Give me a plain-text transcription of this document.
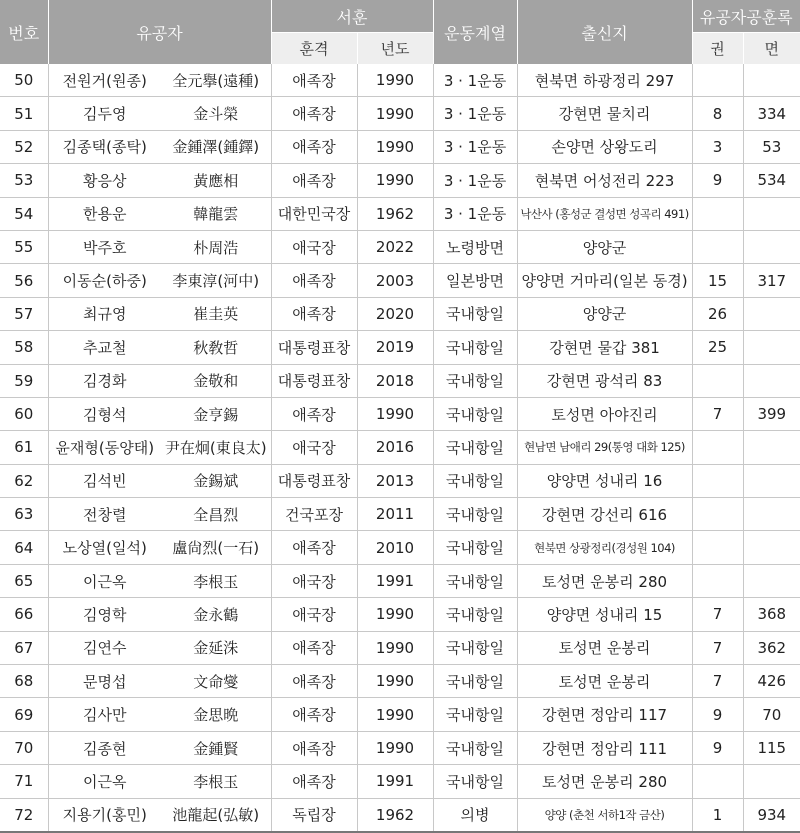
번호	유공자		서훈		운동계열	출신지	유공자공훈록	
			훈격	년도			권	면
50	전원거(원종)	全元擧(遠種)	애족장	1990	3 · 1운동	현북면 하광정리 297		
51	김두영	金斗榮	애족장	1990	3 · 1운동	강현면 물치리	8	334
52	김종택(종탁)	金鍾澤(鍾鐸)	애족장	1990	3 · 1운동	손양면 상왕도리	3	53
53	황응상	黃應相	애족장	1990	3 · 1운동	현북면 어성전리 223	9	534
54	한용운	韓龍雲	대한민국장	1962	3 · 1운동	낙산사 (홍성군 결성면 성곡리 491)		
55	박주호	朴周浩	애국장	2022	노령방면	양양군		
56	이동순(하중)	李東淳(河中)	애족장	2003	일본방면	양양면 거마리(일본 동경)	15	317
57	최규영	崔圭英	애족장	2020	국내항일	양양군	26	
58	추교철	秋敎哲	대통령표창	2019	국내항일	강현면 물갑 381	25	
59	김경화	金敬和	대통령표창	2018	국내항일	강현면 광석리 83		
60	김형석	金亨錫	애족장	1990	국내항일	토성면 아야진리	7	399
61	윤재형(동양태)	尹在炯(東良太)	애국장	2016	국내항일	현남면 남애리 29(통영 대화 125)		
62	김석빈	金錫斌	대통령표창	2013	국내항일	양양면 성내리 16		
63	전창렬	全昌烈	건국포장	2011	국내항일	강현면 강선리 616		
64	노상열(일석)	盧尙烈(一石)	애족장	2010	국내항일	현북면 상광정리(경성원 104)		
65	이근옥	李根玉	애국장	1991	국내항일	토성면 운봉리 280		
66	김영학	金永鶴	애국장	1990	국내항일	양양면 성내리 15	7	368
67	김연수	金延洙	애족장	1990	국내항일	토성면 운봉리	7	362
68	문명섭	文命燮	애족장	1990	국내항일	토성면 운봉리	7	426
69	김사만	金思晩	애족장	1990	국내항일	강현면 정암리 117	9	70
70	김종현	金鍾賢	애족장	1990	국내항일	강현면 정암리 111	9	115
71	이근옥	李根玉	애족장	1991	국내항일	토성면 운봉리 280		
72	지용기(홍민)	池龍起(弘敏)	독립장	1962	의병	양양 (춘천 서하1작 금산)	1	934
